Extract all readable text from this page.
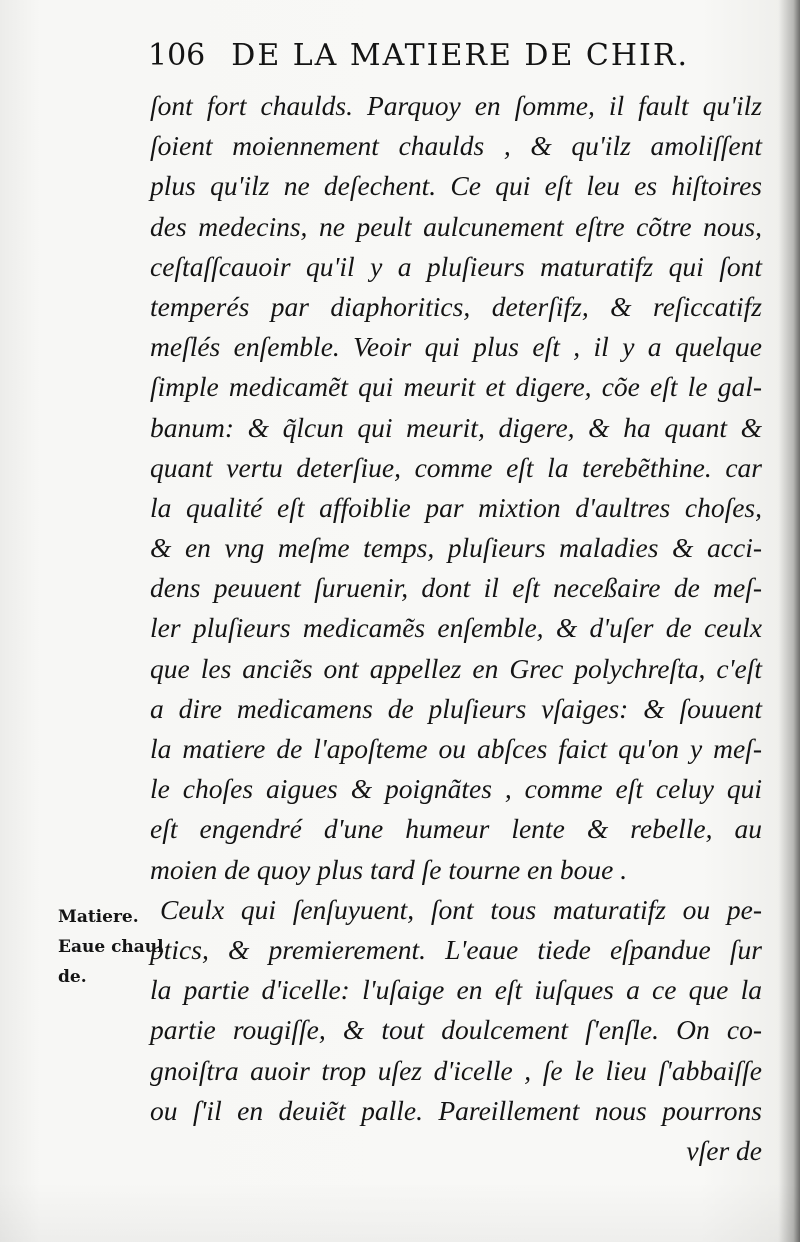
106 DE LA MATIERE DE CHIR.
ſont fort chaulds. Parquoy en ſomme, il fault qu'ilz
ſoient moiennement chaulds , & qu'ilz amoliſſent
plus qu'ilz ne deſechent. Ce qui eſt leu es hiſtoires
des medecins, ne peult aulcunement eſtre cõtre nous,
ceſtaſſcauoir qu'il y a pluſieurs maturatifz qui ſont
temperés par diaphoritics, deterſifz, & reſiccatifz
meſlés enſemble. Veoir qui plus eſt , il y a quelque
ſimple medicamẽt qui meurit et digere, cõe eſt le gal-
banum: & q̃lcun qui meurit, digere, & ha quant &
quant vertu deterſiue, comme eſt la terebẽthine. car
la qualité eſt affoiblie par mixtion d'aultres choſes,
& en vng meſme temps, pluſieurs maladies & acci-
dens peuuent ſuruenir, dont il eſt neceßaire de meſ-
ler pluſieurs medicamẽs enſemble, & d'uſer de ceulx
que les anciẽs ont appellez en Grec polychreſta, c'eſt
a dire medicamens de pluſieurs vſaiges: & ſouuent
la matiere de l'apoſteme ou abſces faict qu'on y meſ-
le choſes aigues & poignãtes , comme eſt celuy qui
eſt engendré d'une humeur lente & rebelle, au
moien de quoy plus tard ſe tourne en boue .
Ceulx qui ſenſuyuent, ſont tous maturatifz ou pe-
ptics, & premierement. L'eaue tiede eſpandue ſur
la partie d'icelle: l'uſaige en eſt iuſques a ce que la
partie rougiſſe, & tout doulcement ſ'enſle. On co-
gnoiſtra auoir trop uſez d'icelle , ſe le lieu ſ'abbaiſſe
ou ſ'il en deuiẽt palle. Pareillement nous pourrons
vſer de
Matiere.
Eaue chaul
de.
